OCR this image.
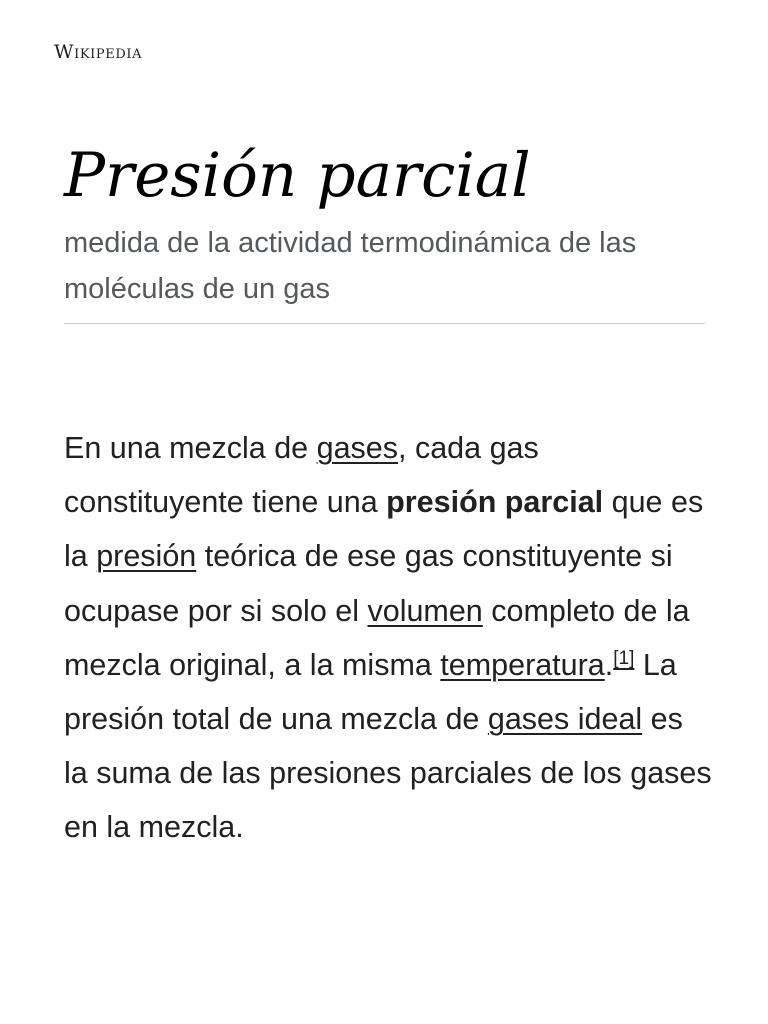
Wikipedia
Presión parcial
medida de la actividad termodinámica de las moléculas de un gas

En una mezcla de gases, cada gas constituyente tiene una presión parcial que es la presión teórica de ese gas constituyente si ocupase por si solo el volumen completo de la mezcla original, a la misma temperatura.[1] La presión total de una mezcla de gases ideal es la suma de las presiones parciales de los gases en la mezcla.
